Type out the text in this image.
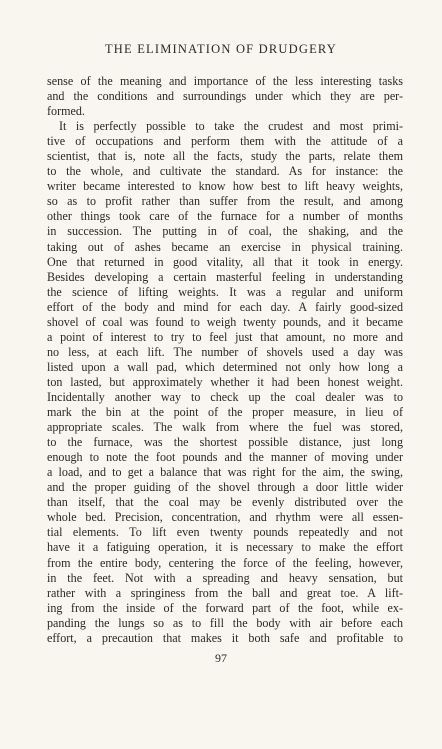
THE ELIMINATION OF DRUDGERY
sense of the meaning and importance of the less interesting tasks
and the conditions and surroundings under which they are per-
formed.
It is perfectly possible to take the crudest and most primi-
tive of occupations and perform them with the attitude of a
scientist, that is, note all the facts, study the parts, relate them
to the whole, and cultivate the standard. As for instance: the
writer became interested to know how best to lift heavy weights,
so as to profit rather than suffer from the result, and among
other things took care of the furnace for a number of months
in succession. The putting in of coal, the shaking, and the
taking out of ashes became an exercise in physical training.
One that returned in good vitality, all that it took in energy.
Besides developing a certain masterful feeling in understanding
the science of lifting weights. It was a regular and uniform
effort of the body and mind for each day. A fairly good-sized
shovel of coal was found to weigh twenty pounds, and it became
a point of interest to try to feel just that amount, no more and
no less, at each lift. The number of shovels used a day was
listed upon a wall pad, which determined not only how long a
ton lasted, but approximately whether it had been honest weight.
Incidentally another way to check up the coal dealer was to
mark the bin at the point of the proper measure, in lieu of
appropriate scales. The walk from where the fuel was stored,
to the furnace, was the shortest possible distance, just long
enough to note the foot pounds and the manner of moving under
a load, and to get a balance that was right for the aim, the swing,
and the proper guiding of the shovel through a door little wider
than itself, that the coal may be evenly distributed over the
whole bed. Precision, concentration, and rhythm were all essen-
tial elements. To lift even twenty pounds repeatedly and not
have it a fatiguing operation, it is necessary to make the effort
from the entire body, centering the force of the feeling, however,
in the feet. Not with a spreading and heavy sensation, but
rather with a springiness from the ball and great toe. A lift-
ing from the inside of the forward part of the foot, while ex-
panding the lungs so as to fill the body with air before each
effort, a precaution that makes it both safe and profitable to
97
